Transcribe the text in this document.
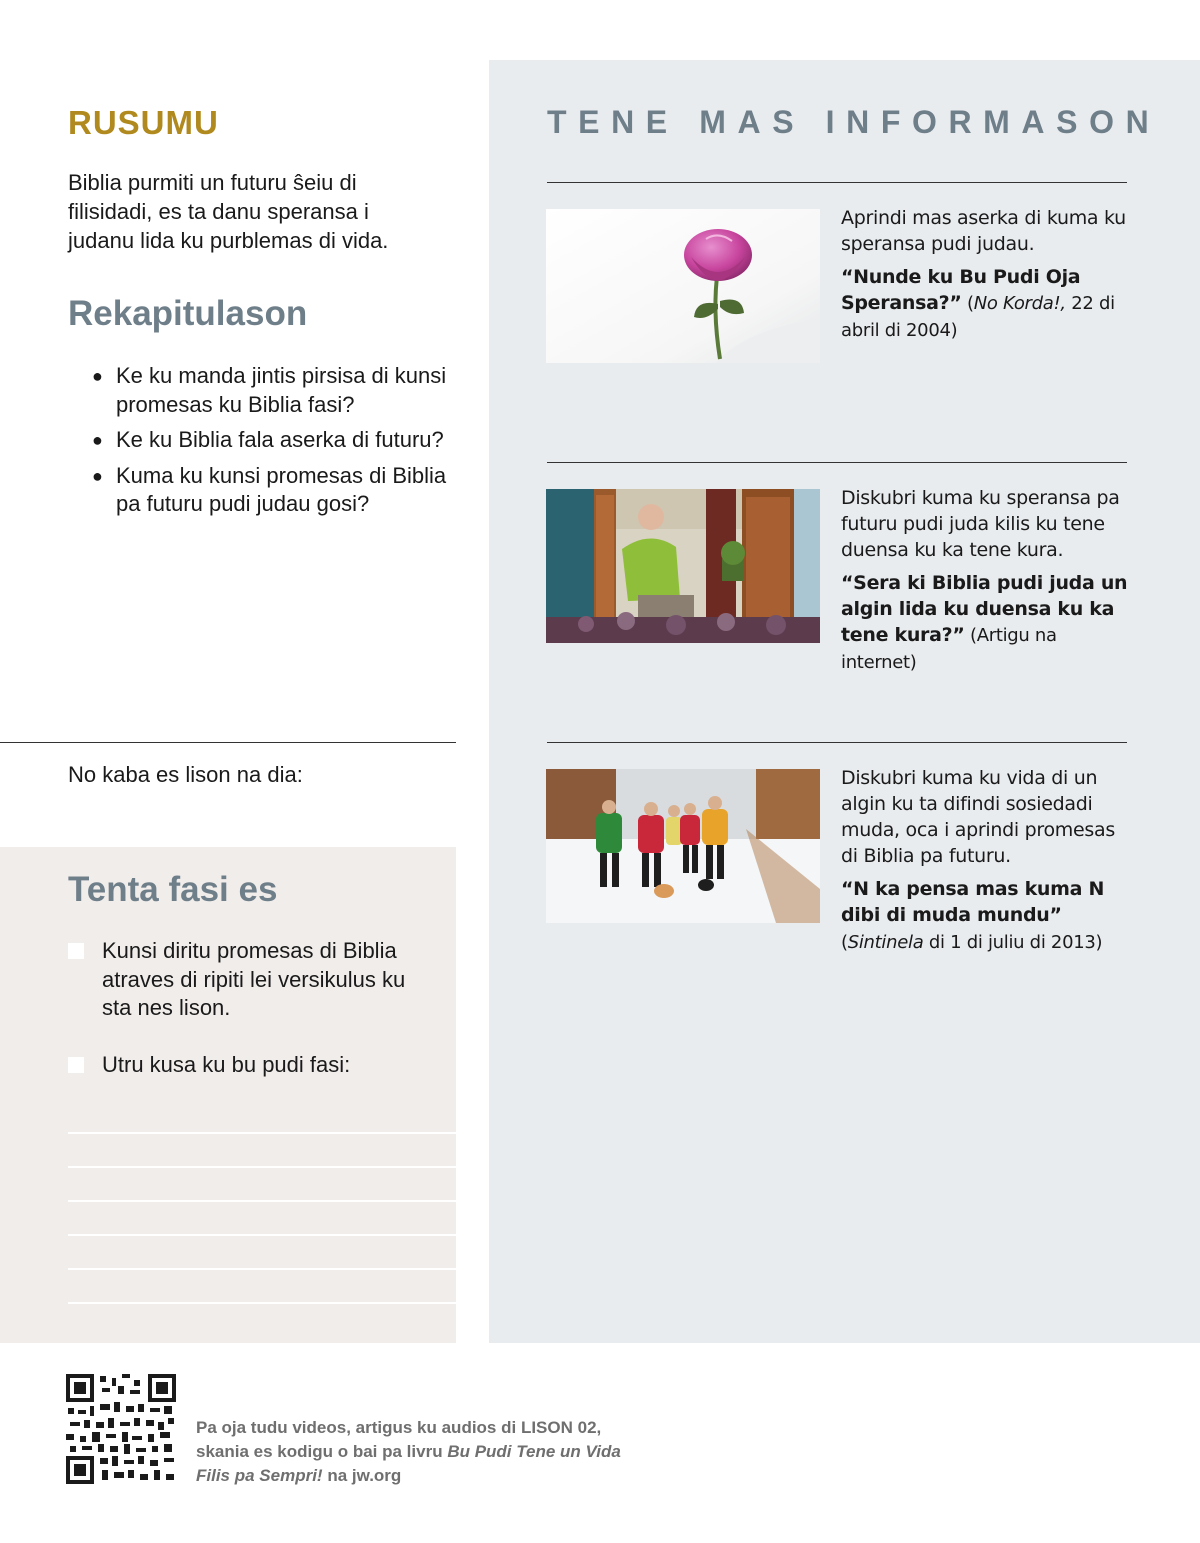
RUSUMU
Biblia purmiti un futuru ŝeiu di filisidadi, es ta danu speransa i judanu lida ku purblemas di vida.
Rekapitulason
● Ke ku manda jintis pirsisa di kunsi promesas ku Biblia fasi?
● Ke ku Biblia fala aserka di futuru?
● Kuma ku kunsi promesas di Biblia pa futuru pudi judau gosi?
No kaba es lison na dia:
Tenta fasi es
Kunsi diritu promesas di Biblia atraves di ripiti lei versikulus ku sta nes lison.
Utru kusa ku bu pudi fasi:
TENE MAS INFORMASON
Aprindi mas aserka di kuma ku speransa pudi judau.
“Nunde ku Bu Pudi Oja Speransa?” (No Korda!, 22 di abril di 2004)
Diskubri kuma ku speransa pa futuru pudi juda kilis ku tene duensa ku ka tene kura.
“Sera ki Biblia pudi juda un algin lida ku duensa ku ka tene kura?” (Artigu na internet)
Diskubri kuma ku vida di un algin ku ta difindi sosiedadi muda, oca i aprindi promesas di Biblia pa futuru.
“N ka pensa mas kuma N dibi di muda mundu” (Sintinela di 1 di juliu di 2013)
Pa oja tudu videos, artigus ku audios di LISON 02, skania es kodigu o bai pa livru Bu Pudi Tene un Vida Filis pa Sempri! na jw.org
